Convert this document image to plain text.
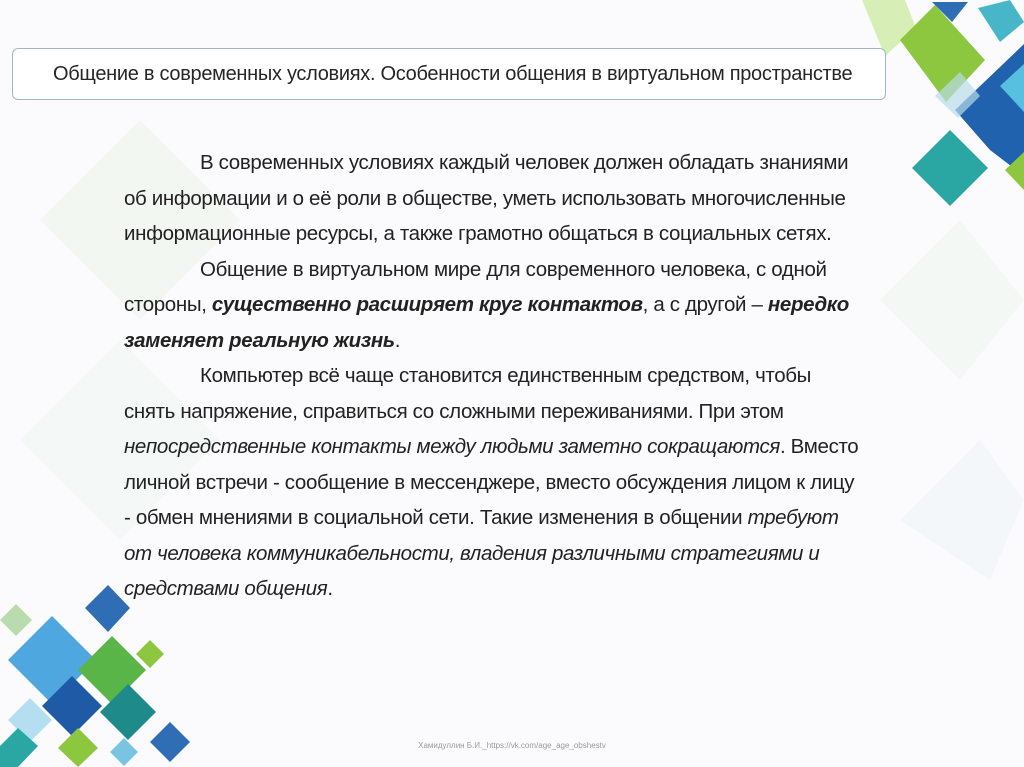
Общение в современных условиях. Особенности общения в виртуальном пространстве

В современных условиях каждый человек должен обладать знаниями об информации и о её роли в обществе, уметь использовать многочисленные информационные ресурсы, а также грамотно общаться в социальных сетях.

Общение в виртуальном мире для современного человека, с одной стороны, существенно расширяет круг контактов, а с другой – нередко заменяет реальную жизнь.

Компьютер всё чаще становится единственным средством, чтобы снять напряжение, справиться со сложными переживаниями. При этом непосредственные контакты между людьми заметно сокращаются. Вместо личной встречи - сообщение в мессенджере, вместо обсуждения лицом к лицу - обмен мнениями в социальной сети. Такие изменения в общении требуют от человека коммуникабельности, владения различными стратегиями и средствами общения.

Хамидуллин Б.И._https://vk.com/age_age_obshestv
